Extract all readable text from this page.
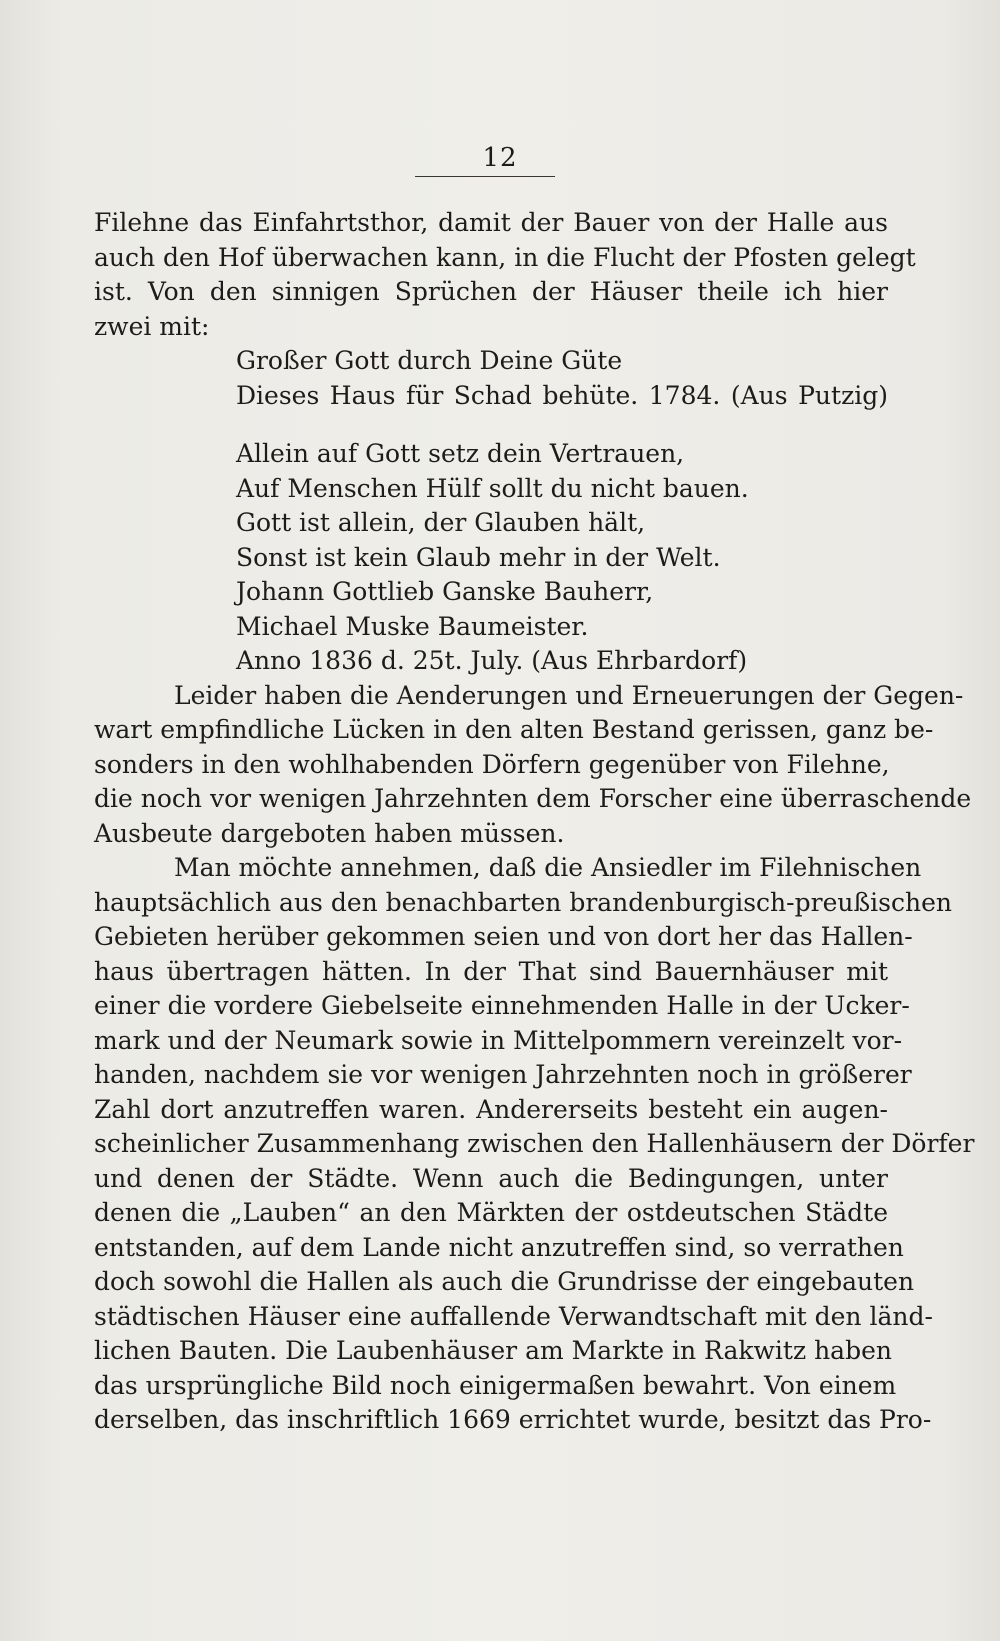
12
Filehne das Einfahrtsthor, damit der Bauer von der Halle aus
auch den Hof überwachen kann, in die Flucht der Pfosten gelegt
ist. Von den sinnigen Sprüchen der Häuser theile ich hier
zwei mit:
Großer Gott durch Deine Güte
Dieses Haus für Schad behüte. 1784. (Aus Putzig)
Allein auf Gott setz dein Vertrauen,
Auf Menschen Hülf sollt du nicht bauen.
Gott ist allein, der Glauben hält,
Sonst ist kein Glaub mehr in der Welt.
Johann Gottlieb Ganske Bauherr,
Michael Muske Baumeister.
Anno 1836 d. 25t. July. (Aus Ehrbardorf)
Leider haben die Aenderungen und Erneuerungen der Gegen-
wart empfindliche Lücken in den alten Bestand gerissen, ganz be-
sonders in den wohlhabenden Dörfern gegenüber von Filehne,
die noch vor wenigen Jahrzehnten dem Forscher eine überraschende
Ausbeute dargeboten haben müssen.
Man möchte annehmen, daß die Ansiedler im Filehnischen
hauptsächlich aus den benachbarten brandenburgisch-preußischen
Gebieten herüber gekommen seien und von dort her das Hallen-
haus übertragen hätten. In der That sind Bauernhäuser mit
einer die vordere Giebelseite einnehmenden Halle in der Ucker-
mark und der Neumark sowie in Mittelpommern vereinzelt vor-
handen, nachdem sie vor wenigen Jahrzehnten noch in größerer
Zahl dort anzutreffen waren. Andererseits besteht ein augen-
scheinlicher Zusammenhang zwischen den Hallenhäusern der Dörfer
und denen der Städte. Wenn auch die Bedingungen, unter
denen die „Lauben“ an den Märkten der ostdeutschen Städte
entstanden, auf dem Lande nicht anzutreffen sind, so verrathen
doch sowohl die Hallen als auch die Grundrisse der eingebauten
städtischen Häuser eine auffallende Verwandtschaft mit den länd-
lichen Bauten. Die Laubenhäuser am Markte in Rakwitz haben
das ursprüngliche Bild noch einigermaßen bewahrt. Von einem
derselben, das inschriftlich 1669 errichtet wurde, besitzt das Pro-
